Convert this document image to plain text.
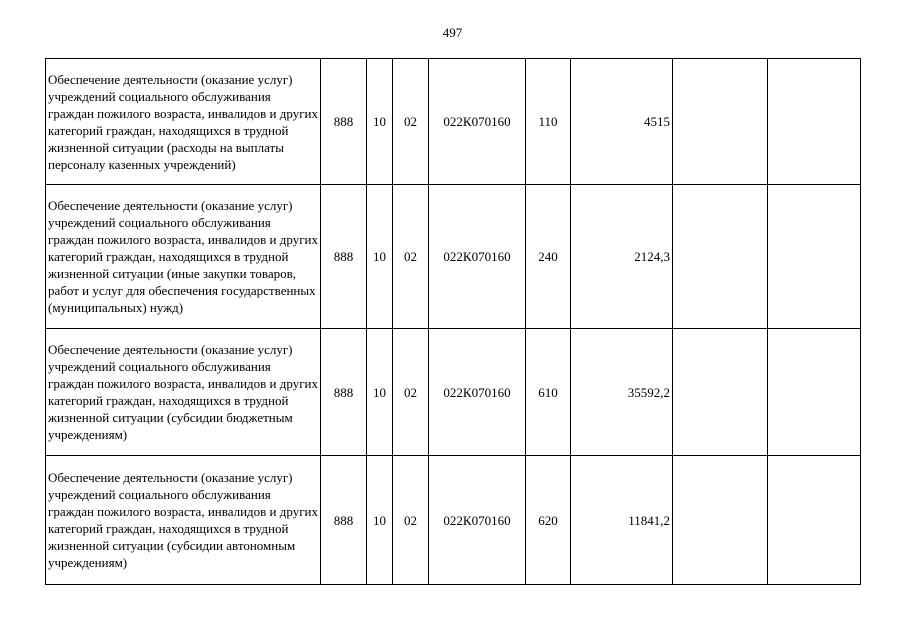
497
Обеспечение деятельности (оказание услуг) учреждений социального обслуживания граждан пожилого возраста, инвалидов и других категорий граждан, находящихся в трудной жизненной ситуации (расходы на выплаты персоналу казенных учреждений)	888	10	02	022К070160	110	4515		
Обеспечение деятельности (оказание услуг) учреждений социального обслуживания граждан пожилого возраста, инвалидов и других категорий граждан, находящихся в трудной жизненной ситуации (иные закупки товаров, работ и услуг для обеспечения государственных (муниципальных) нужд)	888	10	02	022К070160	240	2124,3		
Обеспечение деятельности (оказание услуг) учреждений социального обслуживания граждан пожилого возраста, инвалидов и других категорий граждан, находящихся в трудной жизненной ситуации (субсидии бюджетным учреждениям)	888	10	02	022К070160	610	35592,2		
Обеспечение деятельности (оказание услуг) учреждений социального обслуживания граждан пожилого возраста, инвалидов и других категорий граждан, находящихся в трудной жизненной ситуации (субсидии автономным учреждениям)	888	10	02	022К070160	620	11841,2		
